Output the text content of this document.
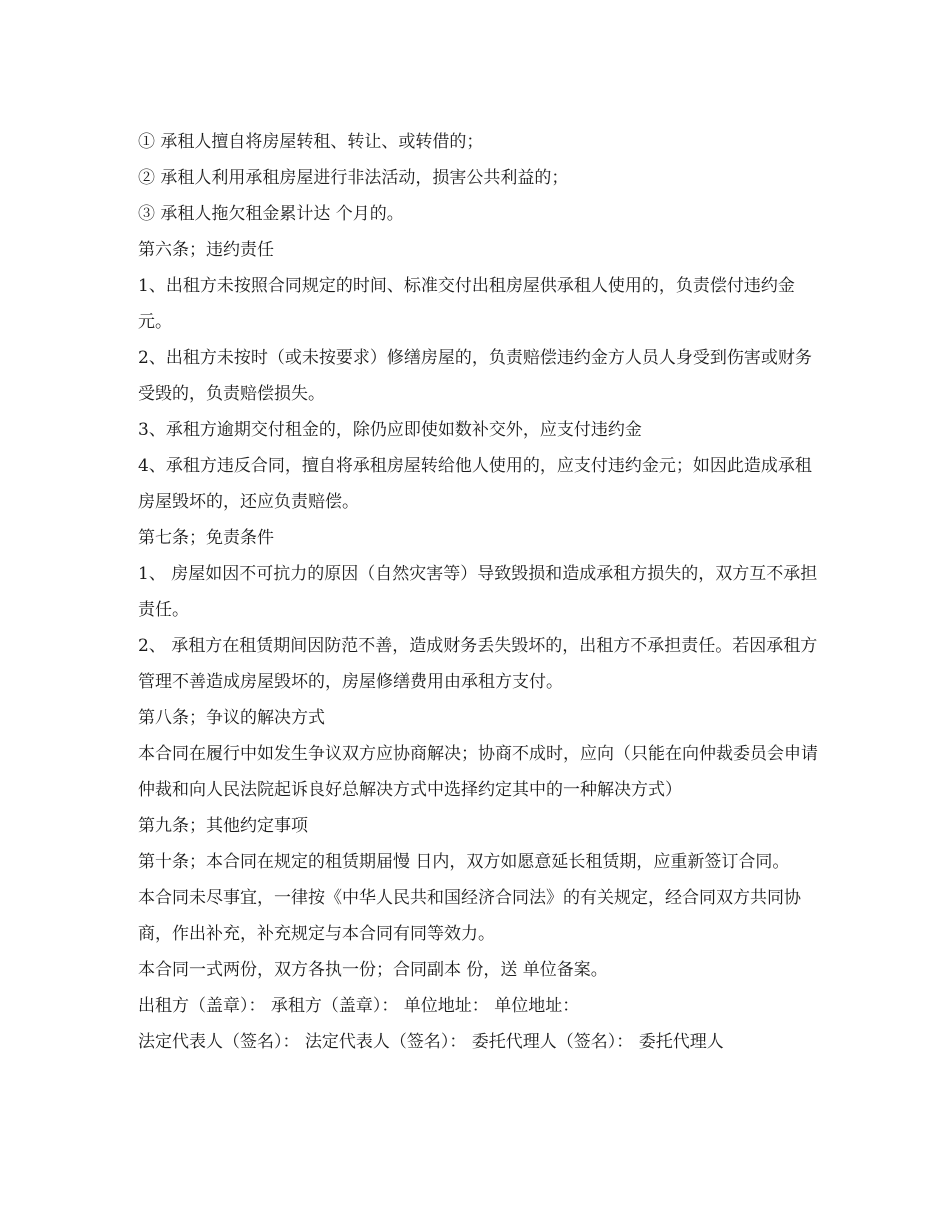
① 承租人擅自将房屋转租、转让、或转借的；

② 承租人利用承租房屋进行非法活动，损害公共利益的；

③ 承租人拖欠租金累计达 个月的。

第六条；违约责任

1、出租方未按照合同规定的时间、标准交付出租房屋供承租人使用的，负责偿付违约金 元。

2、出租方未按时（或未按要求）修缮房屋的，负责赔偿违约金方人员人身受到伤害或财务受毁的，负责赔偿损失。

3、承租方逾期交付租金的，除仍应即使如数补交外，应支付违约金

4、承租方违反合同，擅自将承租房屋转给他人使用的，应支付违约金元；如因此造成承租房屋毁坏的，还应负责赔偿。

第七条；免责条件

1、 房屋如因不可抗力的原因（自然灾害等）导致毁损和造成承租方损失的，双方互不承担责任。

2、 承租方在租赁期间因防范不善，造成财务丢失毁坏的，出租方不承担责任。若因承租方管理不善造成房屋毁坏的，房屋修缮费用由承租方支付。

第八条；争议的解决方式

本合同在履行中如发生争议双方应协商解决；协商不成时，应向（只能在向仲裁委员会申请仲裁和向人民法院起诉良好总解决方式中选择约定其中的一种解决方式）

第九条；其他约定事项

第十条；本合同在规定的租赁期届慢 日内，双方如愿意延长租赁期，应重新签订合同。

本合同未尽事宜，一律按《中华人民共和国经济合同法》的有关规定，经合同双方共同协商，作出补充，补充规定与本合同有同等效力。

本合同一式两份，双方各执一份；合同副本 份，送 单位备案。

出租方（盖章）： 承租方（盖章）： 单位地址： 单位地址：

法定代表人（签名）： 法定代表人（签名）： 委托代理人（签名）： 委托代理人
